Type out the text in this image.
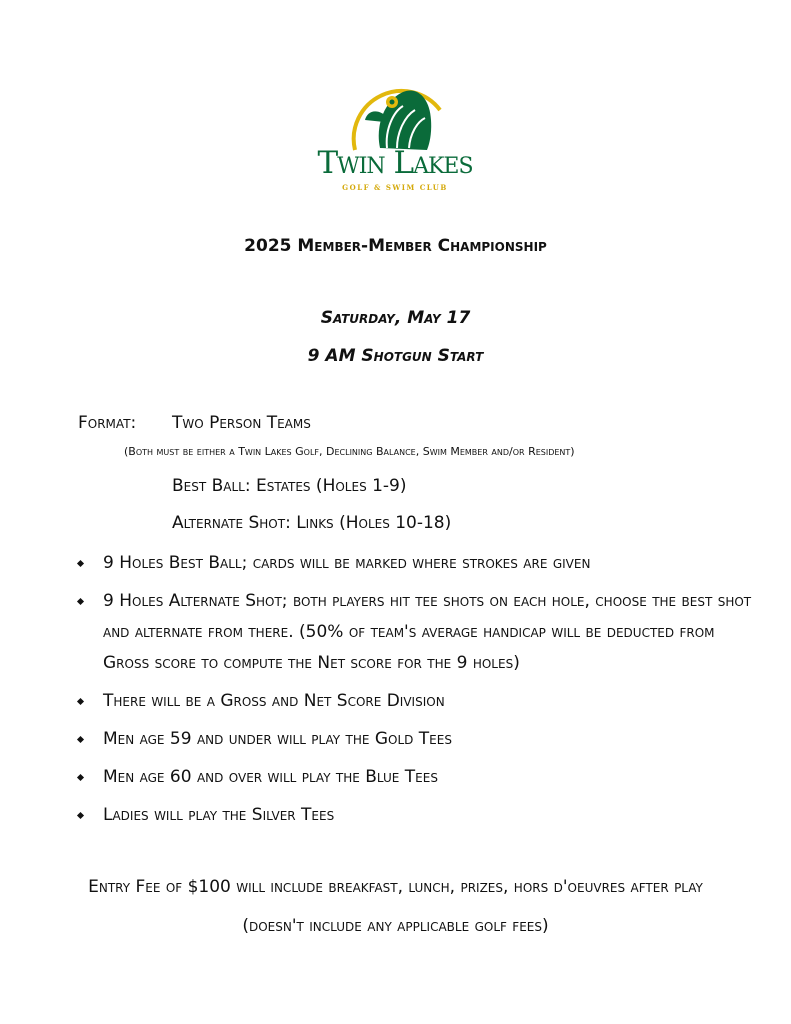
Twin Lakes
GOLF & SWIM CLUB
2025 Member-Member Championship
Saturday, May 17
9 AM Shotgun Start
Format: Two Person Teams
(Both must be either a Twin Lakes Golf, Declining Balance, Swim Member and/or Resident)
Best Ball: Estates (Holes 1-9)
Alternate Shot: Links (Holes 10-18)
9 Holes Best Ball; cards will be marked where strokes are given
9 Holes Alternate Shot; both players hit tee shots on each hole, choose the best shot and alternate from there. (50% of team's average handicap will be deducted from Gross score to compute the Net score for the 9 holes)
There will be a Gross and Net Score Division
Men age 59 and under will play the Gold Tees
Men age 60 and over will play the Blue Tees
Ladies will play the Silver Tees
Entry Fee of $100 will include breakfast, lunch, prizes, hors d'oeuvres after play
(doesn't include any applicable golf fees)
